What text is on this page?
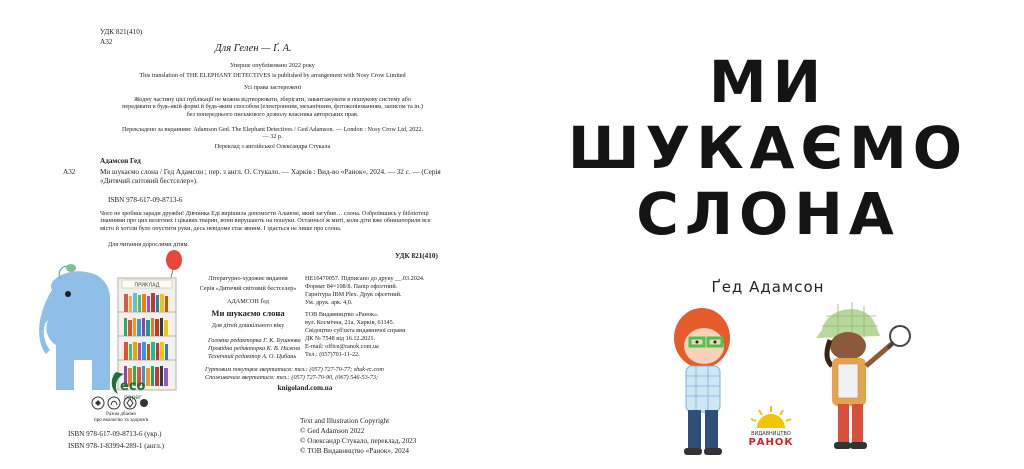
УДК 821(410)
А32
Для Гелен — Ґ. А.
Уперше опубліковано 2022 року
This translation of THE ELEPHANT DETECTIVES is published by arrangement with Nosy Crow Limited
Усі права застережені
Жодну частину цієї публікації не можна відтворювати, зберігати, завантажувати в пошукову систему або передавати в будь-якій формі й будь-яким способом (електронним, механічним, фотокопіюванням, записом та ін.) без попереднього письмового дозволу власника авторських прав.
Перекладено за виданням: Adamson Ged. The Elephant Detectives / Ged Adamson. — London : Nosy Crow Ltd, 2022. — 32 p.
Переклад з англійської Олександра Стукала
Адамсон Гед
А32	Ми шукаємо слона / Гед Адамсон ; пер. з англ. О. Стукало. — Харків : Вид-во «Ранок», 2024. — 32 с. — (Серія «Дитячий світовий бестселер»).
ISBN 978-617-09-8713-6
Чого не зробиш заради дружби! Дівчинка Еді вирішила допомогти Аланові, який загубив… слона. Озброївшись у бібліотеці знаннями про цих велетних і цікавих тварин, вони вирушають на пошуки. Останньої ж миті, коли діти вже обнишпорили все місто й хотіли було опустити руки, десь невідоме стає явним. І здається не лише про слона.
Для читання дорослими дітям.
УДК 821(410)
ПРИКЛАД
eco
paper
Разом дбаємо
про екологію та здоров'я
ISBN 978-617-09-8713-6 (укр.)
ISBN 978-1-83994-289-1 (англ.)
Літературно-художнє видання
Серія «Дитячий світовий бестселер»
АДАМСОН Ґед
Ми шукаємо слона
Для дітей дошкільного віку
Головна редакторка Г. К. Бушнюва
Провідна редакторка К. В. Нижня
Технічний редактор А. О. Цибань
НЕ16470057. Підписано до друку __.03.2024.
Формат 84×108/8. Папір офсетний.
Гарнітура IBM Plex. Друк офсетний.
Ум. друк. арк. 4,0.
ТОВ Видавництво «Ранок».
вул. Космічна, 21а, Харків, 61145.
Свідоцтво суб'єкта видавничої справи
ДК № 7548 від 16.12.2021.
E-mail: office@ranok.com.ua
Тел.: (057)701-11-22.
Гуртовим покупцям звертатися: тел.: (057) 727-70-77; shuk-rc.com
Споживачам звертатися: тел.: (057) 727-70-90, (067) 546-53-73;
knigoland.com.ua
Text and Illustration Copyright
© Ged Adamson 2022
© Олександр Стукало, переклад, 2023
© ТОВ Видавництво «Ранок», 2024
МИ
ШУКАЄМО
СЛОНА
Ґед Адамсон
ВИДАВНИЦТВО
РАНОК
